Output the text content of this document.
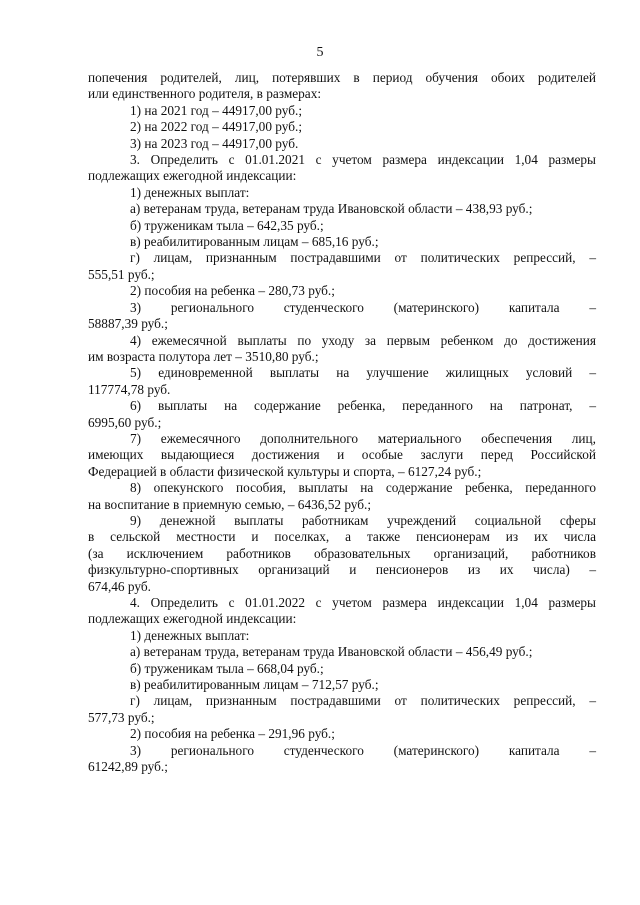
5

попечения родителей, лиц, потерявших в период обучения обоих родителей

или единственного родителя, в размерах:

1) на 2021 год – 44917,00 руб.;

2) на 2022 год – 44917,00 руб.;

3) на 2023 год – 44917,00 руб.

3. Определить с 01.01.2021 с учетом размера индексации 1,04 размеры

подлежащих ежегодной индексации:

1) денежных выплат:

а) ветеранам труда, ветеранам труда Ивановской области – 438,93 руб.;

б) труженикам тыла – 642,35 руб.;

в) реабилитированным лицам – 685,16 руб.;

г) лицам, признанным пострадавшими от политических репрессий, –

555,51 руб.;

2) пособия на ребенка – 280,73 руб.;

3) регионального студенческого (материнского) капитала –

58887,39 руб.;

4) ежемесячной выплаты по уходу за первым ребенком до достижения

им возраста полутора лет – 3510,80 руб.;

5) единовременной выплаты на улучшение жилищных условий –

117774,78 руб.

6) выплаты на содержание ребенка, переданного на патронат, –

6995,60 руб.;

7) ежемесячного дополнительного материального обеспечения лиц,

имеющих выдающиеся достижения и особые заслуги перед Российской

Федерацией в области физической культуры и спорта, – 6127,24 руб.;

8) опекунского пособия, выплаты на содержание ребенка, переданного

на воспитание в приемную семью, – 6436,52 руб.;

9) денежной выплаты работникам учреждений социальной сферы

в сельской местности и поселках, а также пенсионерам из их числа

(за исключением работников образовательных организаций, работников

физкультурно-спортивных организаций и пенсионеров из их числа) –

674,46 руб.

4. Определить с 01.01.2022 с учетом размера индексации 1,04 размеры

подлежащих ежегодной индексации:

1) денежных выплат:

а) ветеранам труда, ветеранам труда Ивановской области – 456,49 руб.;

б) труженикам тыла – 668,04 руб.;

в) реабилитированным лицам – 712,57 руб.;

г) лицам, признанным пострадавшими от политических репрессий, –

577,73 руб.;

2) пособия на ребенка – 291,96 руб.;

3) регионального студенческого (материнского) капитала –

61242,89 руб.;
